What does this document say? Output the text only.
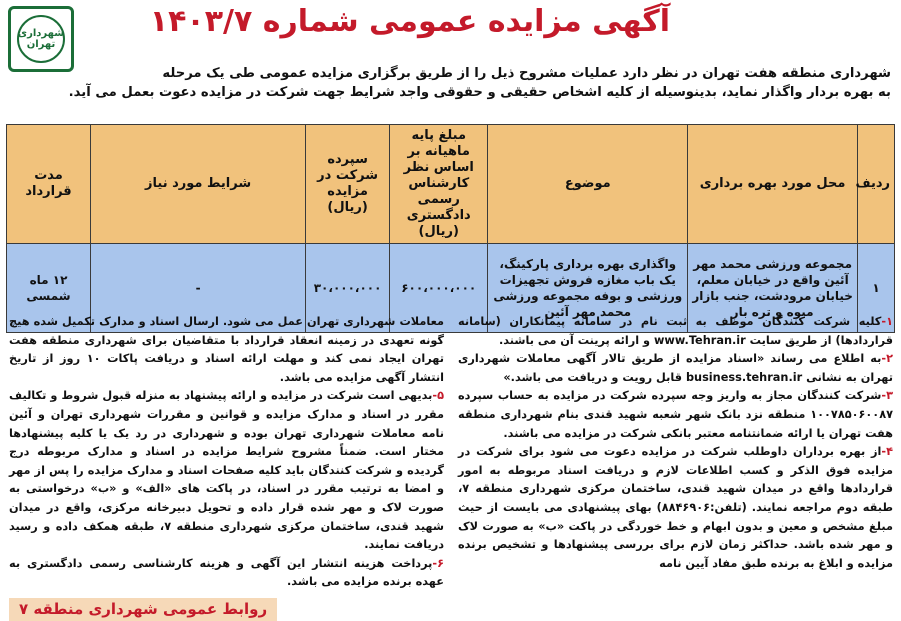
شهرداری تهران
آگهی مزایده عمومی شماره ۱۴۰۳/۷
شهرداری منطقه هفت تهران در نظر دارد عملیات مشروح ذیل را از طریق برگزاری مزایده عمومی طی یک مرحله
به بهره بردار واگذار نماید، بدینوسیله از کلیه اشخاص حقیقی و حقوقی واجد شرایط جهت شرکت در مزایده دعوت بعمل می آید.
ردیف	محل مورد بهره برداری	موضوع	مبلغ پایه ماهیانه بر اساس نظر کارشناس رسمی دادگستری (ریال)	سپرده شرکت در مزایده (ریال)	شرایط مورد نیاز	مدت قرارداد
۱	مجموعه ورزشی محمد مهر آئین واقع در خیابان معلم، خیابان مرودشت، جنب بازار میوه و تره بار	واگذاری بهره برداری پارکینگ، یک باب مغازه فروش تجهیزات ورزشی و بوفه مجموعه ورزشی محمد مهر آئین	۶۰۰،۰۰۰،۰۰۰	۳۰،۰۰۰،۰۰۰	-	۱۲ ماه شمسی

۱-کلیه شرکت کنندگان موظف به ثبت نام در سامانه پیمانکاران (سامانه قراردادها) از طریق سایت www.Tehran.ir و ارائه پرینت آن می باشند.

۲-به اطلاع می رساند «اسناد مزایده از طریق تالار آگهی معاملات شهرداری تهران به نشانی business.tehran.ir قابل رویت و دریافت می باشد.»

۳-شرکت کنندگان مجاز به واریز وجه سپرده شرکت در مزایده به حساب سپرده ۱۰۰۷۸۵۰۶۰۰۸۷ منطقه نزد بانک شهر شعبه شهید قندی بنام شهرداری منطقه هفت تهران یا ارائه ضمانتنامه معتبر بانکی شرکت در مزایده می باشند.

۴-از بهره برداران داوطلب شرکت در مزایده دعوت می شود برای شرکت در مزایده فوق الذکر و کسب اطلاعات لازم و دریافت اسناد مربوطه به امور قراردادها واقع در میدان شهید قندی، ساختمان مرکزی شهرداری منطقه ۷، طبقه دوم مراجعه نمایند. (تلفن:۸۸۴۶۹۰۶) بهای پیشنهادی می بایست از حیث مبلغ مشخص و معین و بدون ابهام و خط خوردگی در پاکت «ب» به صورت لاک و مهر شده باشد. حداکثر زمان لازم برای بررسی پیشنهادها و تشخیص برنده مزایده و ابلاغ به برنده طبق مفاد آیین نامه

معاملات شهرداری تهران عمل می شود. ارسال اسناد و مدارک تکمیل شده هیچ گونه تعهدی در زمینه انعقاد قرارداد با متقاضیان برای شهرداری منطقه هفت تهران ایجاد نمی کند و مهلت ارائه اسناد و دریافت پاکات ۱۰ روز از تاریخ انتشار آگهی مزایده می باشد.

۵-بدیهی است شرکت در مزایده و ارائه پیشنهاد به منزله قبول شروط و تکالیف مقرر در اسناد و مدارک مزایده و قوانین و مقررات شهرداری تهران و آئین نامه معاملات شهرداری تهران بوده و شهرداری در رد یک یا کلیه پیشنهادها مختار است. ضمناً مشروح شرایط مزایده در اسناد و مدارک مربوطه درج گردیده و شرکت کنندگان باید کلیه صفحات اسناد و مدارک مزایده را پس از مهر و امضا به ترتیب مقرر در اسناد، در پاکت های «الف» و «ب» درخواستی به صورت لاک و مهر شده قرار داده و تحویل دبیرخانه مرکزی، واقع در میدان شهید قندی، ساختمان مرکزی شهرداری منطقه ۷، طبقه همکف داده و رسید دریافت نمایند.

۶-پرداخت هزینه انتشار این آگهی و هزینه کارشناسی رسمی دادگستری به عهده برنده مزایده می باشد.

روابط عمومی شهرداری منطقه ۷
